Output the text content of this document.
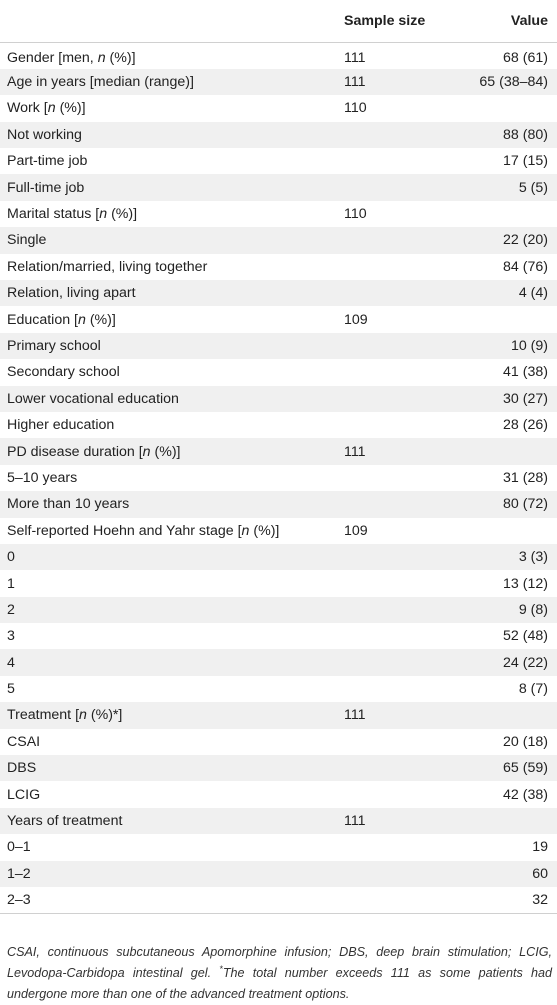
	Sample size	Value
Gender [men, n (%)]	111	68 (61)
Age in years [median (range)]	111	65 (38–84)
Work [n (%)]	110	
Not working		88 (80)
Part-time job		17 (15)
Full-time job		5 (5)
Marital status [n (%)]	110	
Single		22 (20)
Relation/married, living together		84 (76)
Relation, living apart		4 (4)
Education [n (%)]	109	
Primary school		10 (9)
Secondary school		41 (38)
Lower vocational education		30 (27)
Higher education		28 (26)
PD disease duration [n (%)]	111	
5–10 years		31 (28)
More than 10 years		80 (72)
Self-reported Hoehn and Yahr stage [n (%)]	109	
0		3 (3)
1		13 (12)
2		9 (8)
3		52 (48)
4		24 (22)
5		8 (7)
Treatment [n (%)*]	111	
CSAI		20 (18)
DBS		65 (59)
LCIG		42 (38)
Years of treatment	111	
0–1		19
1–2		60
2–3		32
CSAI, continuous subcutaneous Apomorphine infusion; DBS, deep brain stimulation; LCIG, Levodopa-Carbidopa intestinal gel. *The total number exceeds 111 as some patients had undergone more than one of the advanced treatment options.
